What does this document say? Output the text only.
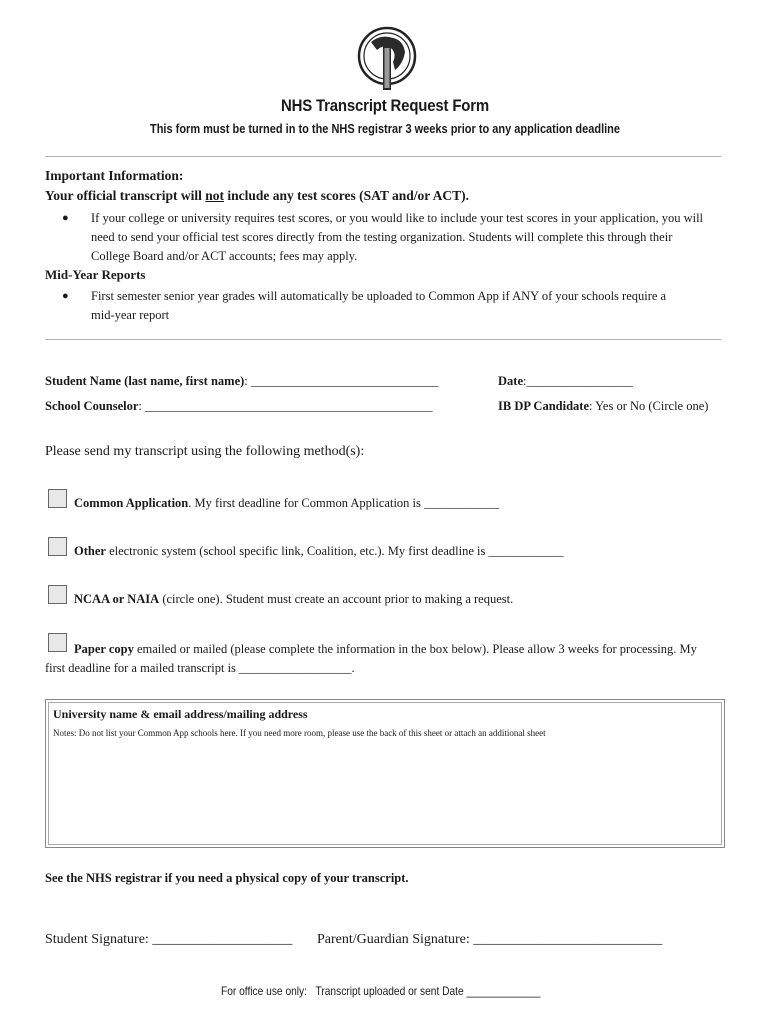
NHS Transcript Request Form
This form must be turned in to the NHS registrar 3 weeks prior to any application deadline
Important Information:
Your official transcript will not include any test scores (SAT and/or ACT).
● If your college or university requires test scores, or you would like to include your test scores in your application, you will
need to send your official test scores directly from the testing organization. Students will complete this through their
College Board and/or ACT accounts; fees may apply.
Mid-Year Reports
● First semester senior year grades will automatically be uploaded to Common App if ANY of your schools require a
mid-year report
Student Name (last name, first name): ______________________________	Date:_________________
School Counselor: ______________________________________________	IB DP Candidate: Yes or No (Circle one)
Please send my transcript using the following method(s):
Common Application. My first deadline for Common Application is ____________
Other electronic system (school specific link, Coalition, etc.). My first deadline is ____________
NCAA or NAIA (circle one). Student must create an account prior to making a request.
Paper copy emailed or mailed (please complete the information in the box below). Please allow 3 weeks for processing. My
first deadline for a mailed transcript is __________________.
University name & email address/mailing address
Notes: Do not list your Common App schools here. If you need more room, please use the back of this sheet or attach an additional sheet
See the NHS registrar if you need a physical copy of your transcript.
Student Signature: ____________________ Parent/Guardian Signature: ___________________________
For office use only: Transcript uploaded or sent Date _____________
